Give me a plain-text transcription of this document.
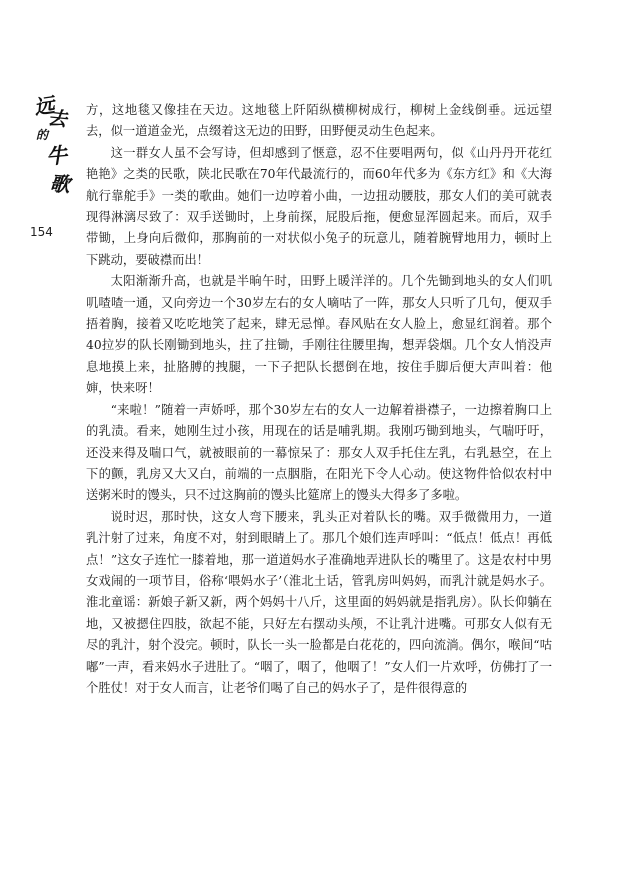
远
去
的
牛
歌
154

方，这地毯又像挂在天边。这地毯上阡陌纵横柳树成行，柳树上金线倒垂。远远望去，似一道道金光，点缀着这无边的田野，田野便灵动生色起来。

这一群女人虽不会写诗，但却感到了惬意，忍不住要唱两句，似《山丹丹开花红艳艳》之类的民歌，陕北民歌在70年代最流行的，而60年代多为《东方红》和《大海航行靠舵手》一类的歌曲。她们一边哼着小曲，一边扭动腰肢，那女人们的美可就表现得淋漓尽致了：双手送锄时，上身前探，屁股后拖，便愈显浑圆起来。而后，双手带锄，上身向后微仰，那胸前的一对状似小兔子的玩意儿，随着腕臂地用力，顿时上下跳动，要破襟而出！

太阳渐渐升高，也就是半晌午时，田野上暖洋洋的。几个先锄到地头的女人们叽叽喳喳一通，又向旁边一个30岁左右的女人嘀咕了一阵，那女人只听了几句，便双手捂着胸，接着又吃吃地笑了起来，肆无忌惮。春风贴在女人脸上，愈显红润着。那个40拉岁的队长刚锄到地头，拄了拄锄，手刚往往腰里掏，想弄袋烟。几个女人悄没声息地摸上来，扯胳膊的拽腿，一下子把队长摁倒在地，按住手脚后便大声叫着：他婶，快来呀！

“来啦！”随着一声娇呼，那个30岁左右的女人一边解着褂襟子，一边擦着胸口上的乳渍。看来，她刚生过小孩，用现在的话是哺乳期。我刚巧锄到地头，气喘吁吁，还没来得及喘口气，就被眼前的一幕惊呆了：那女人双手托住左乳，右乳悬空，在上下的颤，乳房又大又白，前端的一点胭脂，在阳光下令人心动。使这物件恰似农村中送粥米时的馒头，只不过这胸前的馒头比筵席上的馒头大得多了多啦。

说时迟，那时快，这女人弯下腰来，乳头正对着队长的嘴。双手微微用力，一道乳汁射了过来，角度不对，射到眼睛上了。那几个娘们连声呼叫：“低点！低点！再低点！”这女子连忙一膝着地，那一道道妈水子准确地弄进队长的嘴里了。这是农村中男女戏闹的一项节目，俗称‘喂妈水子’（淮北土话，管乳房叫妈妈，而乳汁就是妈水子。淮北童谣：新娘子新又新，两个妈妈十八斤，这里面的妈妈就是指乳房）。队长仰躺在地，又被摁住四肢，欲起不能，只好左右摆动头颅，不让乳汁进嘴。可那女人似有无尽的乳汁，射个没完。顿时，队长一头一脸都是白花花的，四向流淌。偶尔，喉间“咕嘟”一声，看来妈水子进肚了。“咽了，咽了，他咽了！”女人们一片欢呼，仿佛打了一个胜仗！对于女人而言，让老爷们喝了自己的妈水子了，是件很得意的
